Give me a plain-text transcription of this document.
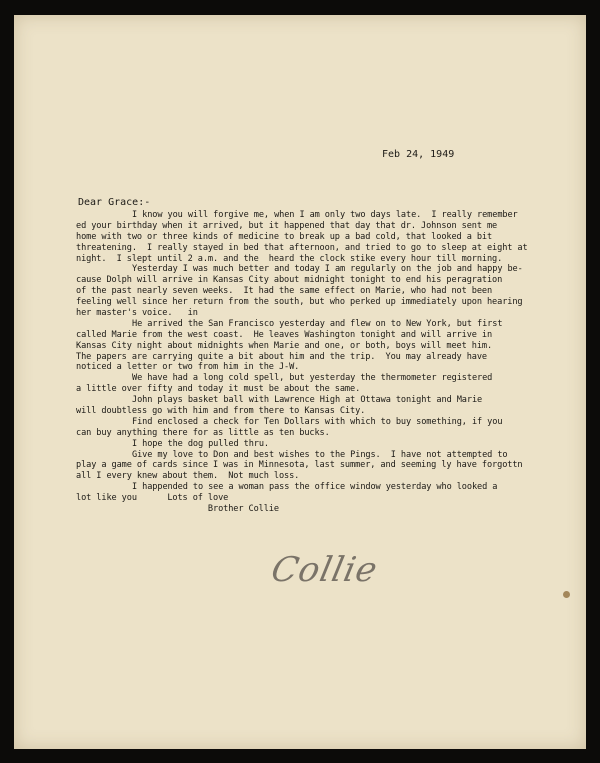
Feb 24, 1949
Dear Grace:-
I know you will forgive me, when I am only two days late.  I really remember
ed your birthday when it arrived, but it happened that day that dr. Johnson sent me
home with two or three kinds of medicine to break up a bad cold, that looked a bit
threatening.  I really stayed in bed that afternoon, and tried to go to sleep at eight at
night.  I slept until 2 a.m. and the  heard the clock stike every hour till morning.
Yesterday I was much better and today I am regularly on the job and happy be-
cause Dolph will arrive in Kansas City about midnight tonight to end his peragration
of the past nearly seven weeks.  It had the same effect on Marie, who had not been
feeling well since her return from the south, but who perked up immediately upon hearing
her master's voice.   in
He arrived the San Francisco yesterday and flew on to New York, but first
called Marie from the west coast.  He leaves Washington tonight and will arrive in
Kansas City night about midnights when Marie and one, or both, boys will meet him.
The papers are carrying quite a bit about him and the trip.  You may already have
noticed a letter or two from him in the J-W.
We have had a long cold spell, but yesterday the thermometer registered
a little over fifty and today it must be about the same.
John plays basket ball with Lawrence High at Ottawa tonight and Marie
will doubtless go with him and from there to Kansas City.
Find enclosed a check for Ten Dollars with which to buy something, if you
can buy anything there for as little as ten bucks.
I hope the dog pulled thru.
Give my love to Don and best wishes to the Pings.  I have not attempted to
play a game of cards since I was in Minnesota, last summer, and seeming ly have forgottn
all I every knew about them.  Not much loss.
I happended to see a woman pass the office window yesterday who looked a
lot like you      Lots of love
Brother Collie
Collie
